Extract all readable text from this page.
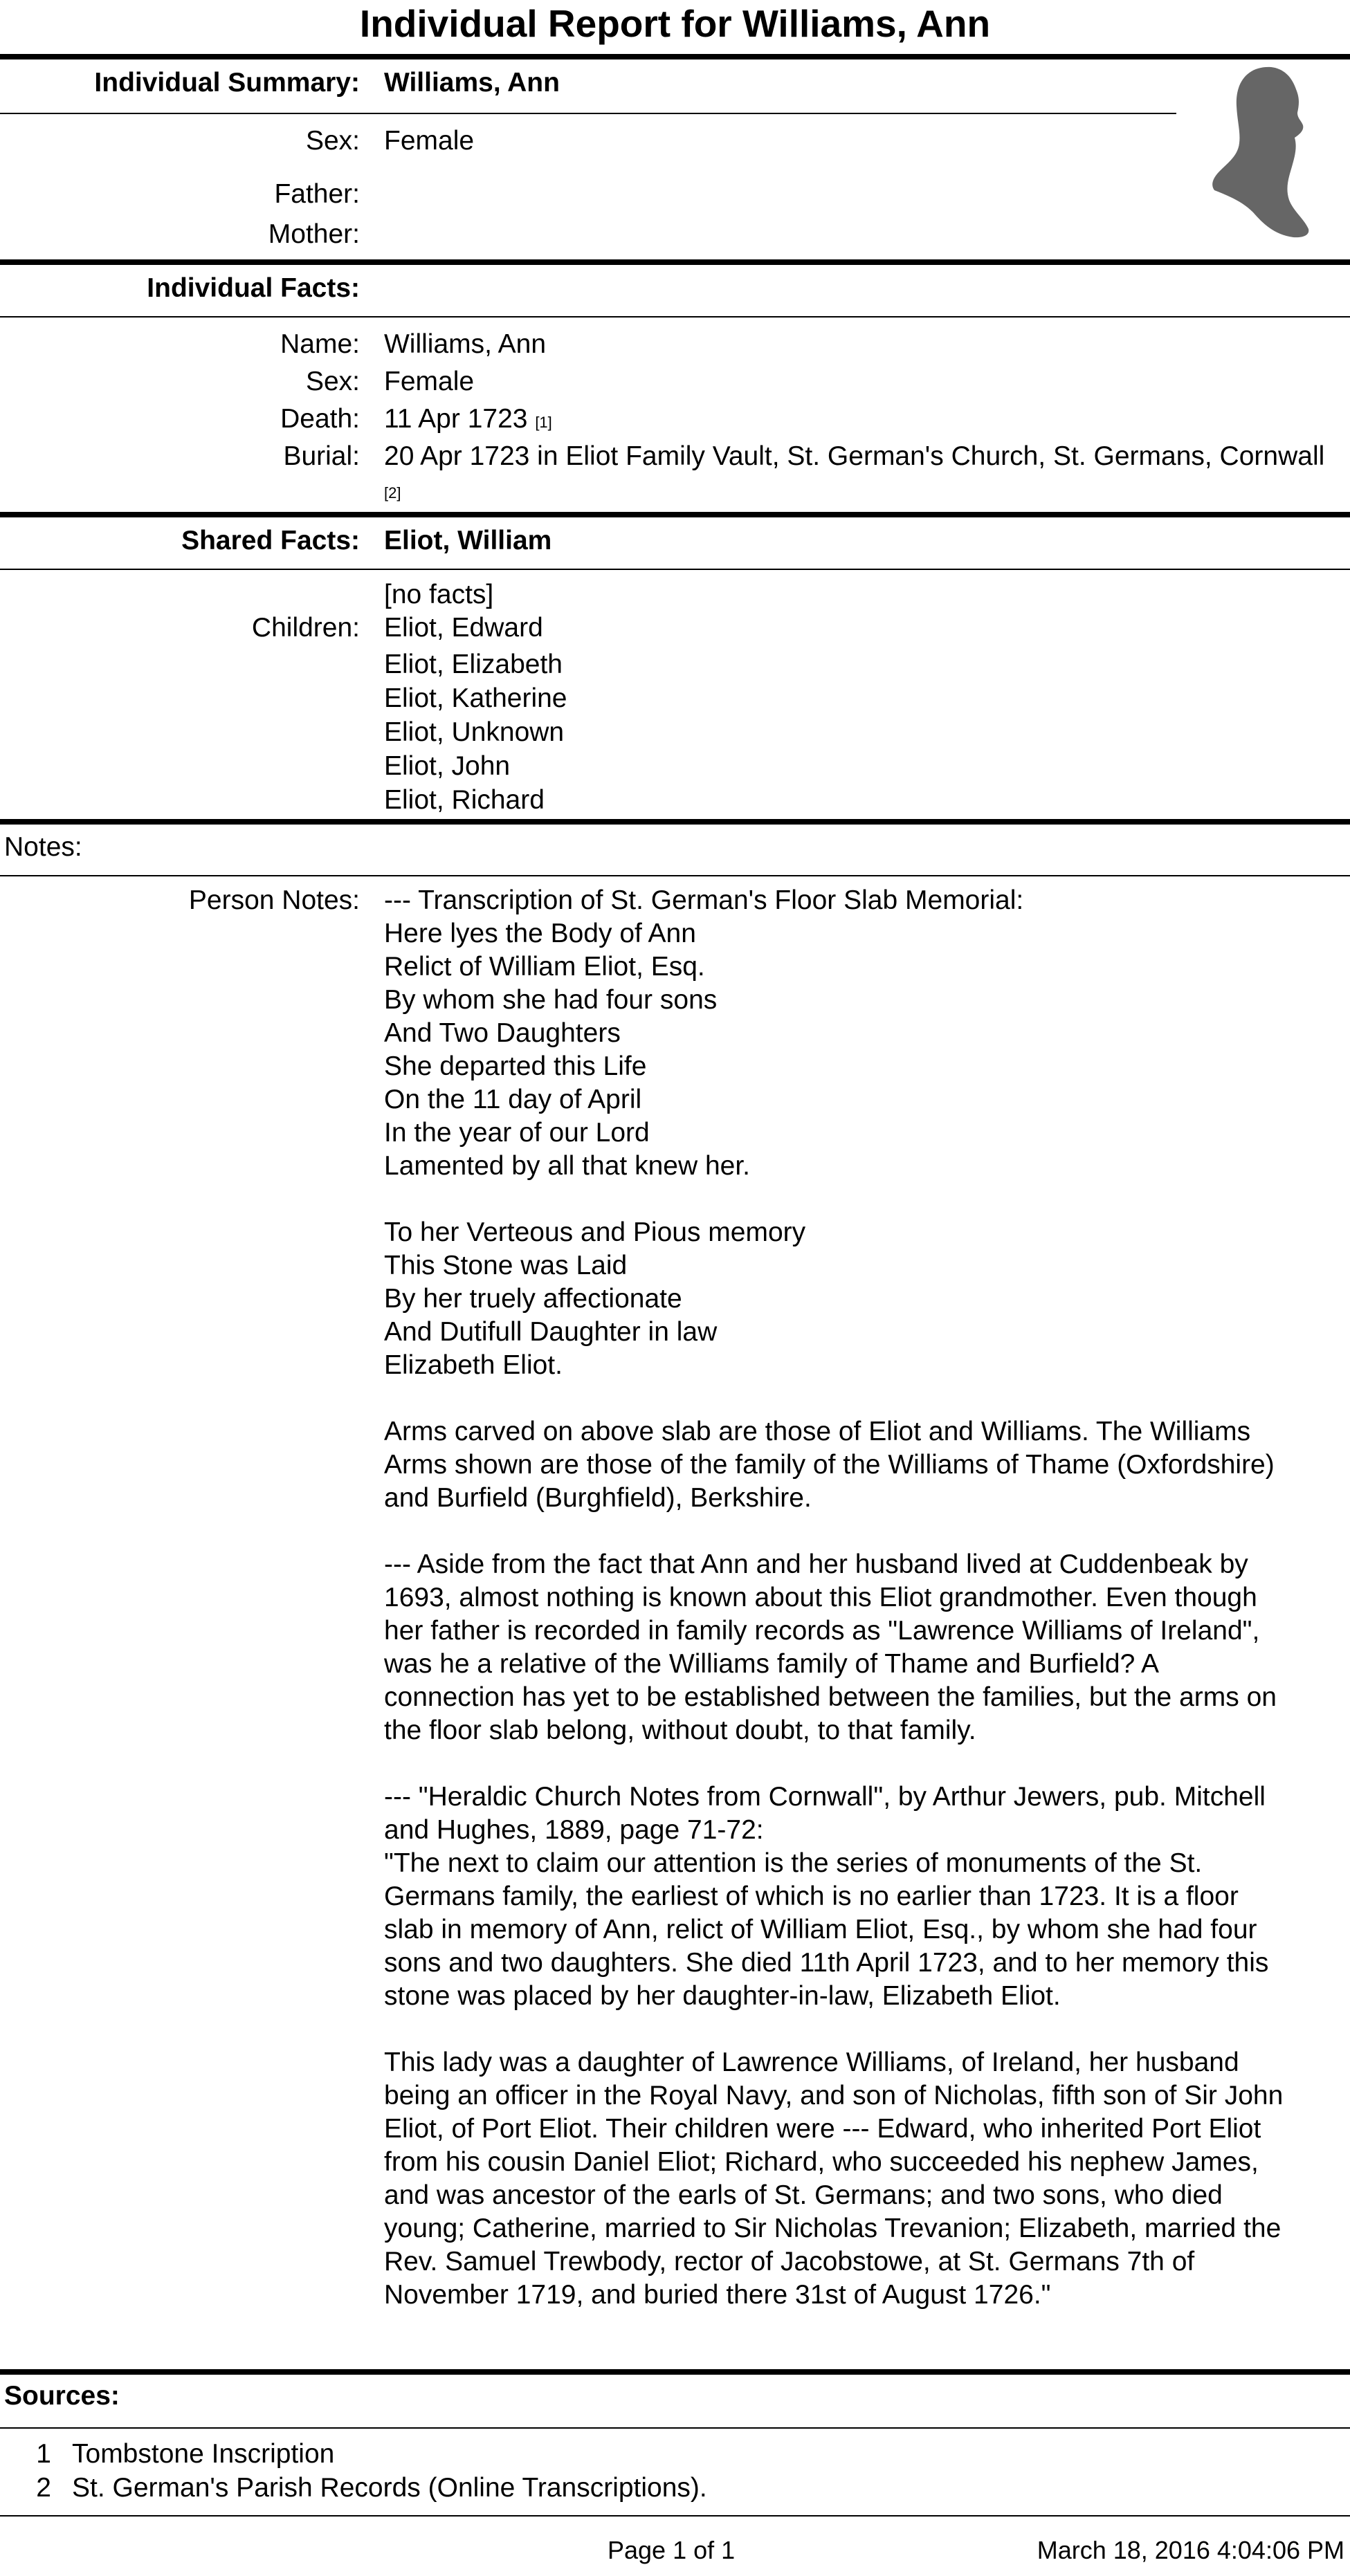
Individual Report for Williams, Ann
Individual Summary: Williams, Ann
Sex: Female
Father:
Mother:
Individual Facts:
Name: Williams, Ann
Sex: Female
Death: 11 Apr 1723 [1]
Burial: 20 Apr 1723 in Eliot Family Vault, St. German's Church, St. Germans, Cornwall [2]
Shared Facts: Eliot, William
[no facts]
Children: Eliot, Edward
Eliot, Elizabeth
Eliot, Katherine
Eliot, Unknown
Eliot, John
Eliot, Richard
Notes:
Person Notes: --- Transcription of St. German's Floor Slab Memorial:
Here lyes the Body of Ann
Relict of William Eliot, Esq.
By whom she had four sons
And Two Daughters
She departed this Life
On the 11 day of April
In the year of our Lord
Lamented by all that knew her.

To her Verteous and Pious memory
This Stone was Laid
By her truely affectionate
And Dutifull Daughter in law
Elizabeth Eliot.

Arms carved on above slab are those of Eliot and Williams. The Williams
Arms shown are those of the family of the Williams of Thame (Oxfordshire)
and Burfield (Burghfield), Berkshire.

--- Aside from the fact that Ann and her husband lived at Cuddenbeak by
1693, almost nothing is known about this Eliot grandmother. Even though
her father is recorded in family records as "Lawrence Williams of Ireland",
was he a relative of the Williams family of Thame and Burfield? A
connection has yet to be established between the families, but the arms on
the floor slab belong, without doubt, to that family.

--- "Heraldic Church Notes from Cornwall", by Arthur Jewers, pub. Mitchell
and Hughes, 1889, page 71-72:
"The next to claim our attention is the series of monuments of the St.
Germans family, the earliest of which is no earlier than 1723. It is a floor
slab in memory of Ann, relict of William Eliot, Esq., by whom she had four
sons and two daughters. She died 11th April 1723, and to her memory this
stone was placed by her daughter-in-law, Elizabeth Eliot.

This lady was a daughter of Lawrence Williams, of Ireland, her husband
being an officer in the Royal Navy, and son of Nicholas, fifth son of Sir John
Eliot, of Port Eliot. Their children were --- Edward, who inherited Port Eliot
from his cousin Daniel Eliot; Richard, who succeeded his nephew James,
and was ancestor of the earls of St. Germans; and two sons, who died
young; Catherine, married to Sir Nicholas Trevanion; Elizabeth, married the
Rev. Samuel Trewbody, rector of Jacobstowe, at St. Germans 7th of
November 1719, and buried there 31st of August 1726."

Sources:
1 Tombstone Inscription
2 St. German's Parish Records (Online Transcriptions).
Page 1 of 1	March 18, 2016 4:04:06 PM
